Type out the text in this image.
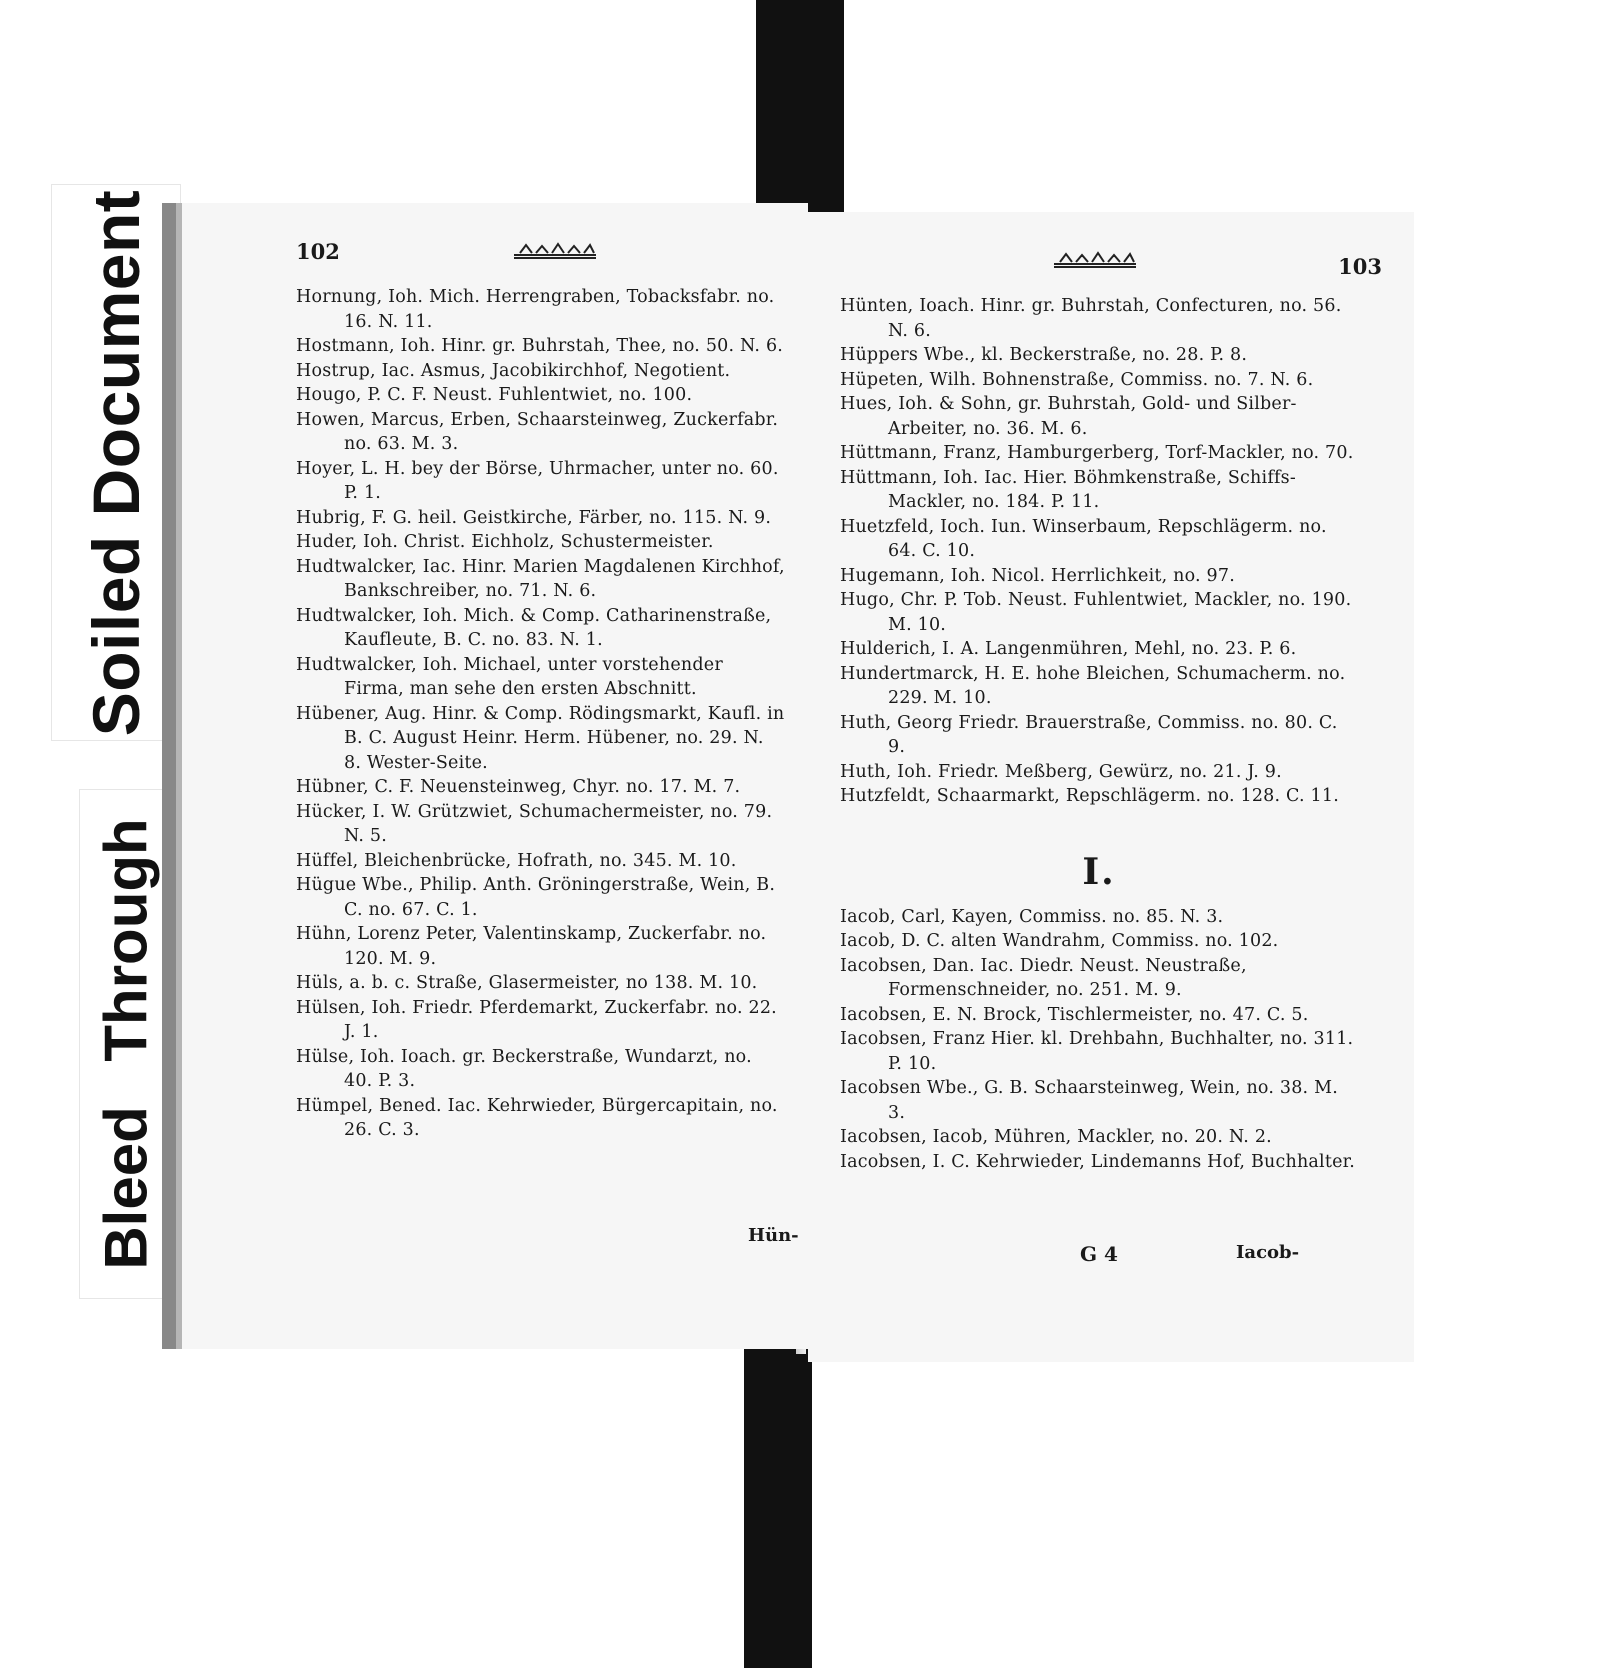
Soiled Document
Bleed Through
102
Hornung, Ioh. Mich. Herrengraben, Tobacksfabr. no. 16. N. 11.
Hostmann, Ioh. Hinr. gr. Buhrstah, Thee, no. 50. N. 6.
Hostrup, Iac. Asmus, Jacobikirchhof, Negotient.
Hougo, P. C. F. Neust. Fuhlentwiet, no. 100.
Howen, Marcus, Erben, Schaarsteinweg, Zuckerfabr. no. 63. M. 3.
Hoyer, L. H. bey der Börse, Uhrmacher, unter no. 60. P. 1.
Hubrig, F. G. heil. Geistkirche, Färber, no. 115. N. 9.
Huder, Ioh. Christ. Eichholz, Schustermeister.
Hudtwalcker, Iac. Hinr. Marien Magdalenen Kirchhof, Bankschreiber, no. 71. N. 6.
Hudtwalcker, Ioh. Mich. & Comp. Catharinenstraße, Kaufleute, B. C. no. 83. N. 1.
Hudtwalcker, Ioh. Michael, unter vorstehender Firma, man sehe den ersten Abschnitt.
Hübener, Aug. Hinr. & Comp. Rödingsmarkt, Kaufl. in B. C. August Heinr. Herm. Hübener, no. 29. N. 8. Wester-Seite.
Hübner, C. F. Neuensteinweg, Chyr. no. 17. M. 7.
Hücker, I. W. Grützwiet, Schumachermeister, no. 79. N. 5.
Hüffel, Bleichenbrücke, Hofrath, no. 345. M. 10.
Hügue Wbe., Philip. Anth. Gröningerstraße, Wein, B. C. no. 67. C. 1.
Hühn, Lorenz Peter, Valentinskamp, Zuckerfabr. no. 120. M. 9.
Hüls, a. b. c. Straße, Glasermeister, no 138. M. 10.
Hülsen, Ioh. Friedr. Pferdemarkt, Zuckerfabr. no. 22. J. 1.
Hülse, Ioh. Ioach. gr. Beckerstraße, Wundarzt, no. 40. P. 3.
Hümpel, Bened. Iac. Kehrwieder, Bürgercapitain, no. 26. C. 3.
Hün-
103
Hünten, Ioach. Hinr. gr. Buhrstah, Confecturen, no. 56. N. 6.
Hüppers Wbe., kl. Beckerstraße, no. 28. P. 8.
Hüpeten, Wilh. Bohnenstraße, Commiss. no. 7. N. 6.
Hues, Ioh. & Sohn, gr. Buhrstah, Gold- und Silber-Arbeiter, no. 36. M. 6.
Hüttmann, Franz, Hamburgerberg, Torf-Mackler, no. 70.
Hüttmann, Ioh. Iac. Hier. Böhmkenstraße, Schiffs-Mackler, no. 184. P. 11.
Huetzfeld, Ioch. Iun. Winserbaum, Repschlägerm. no. 64. C. 10.
Hugemann, Ioh. Nicol. Herrlichkeit, no. 97.
Hugo, Chr. P. Tob. Neust. Fuhlentwiet, Mackler, no. 190. M. 10.
Hulderich, I. A. Langenmühren, Mehl, no. 23. P. 6.
Hundertmarck, H. E. hohe Bleichen, Schumacherm. no. 229. M. 10.
Huth, Georg Friedr. Brauerstraße, Commiss. no. 80. C. 9.
Huth, Ioh. Friedr. Meßberg, Gewürz, no. 21. J. 9.
Hutzfeldt, Schaarmarkt, Repschlägerm. no. 128. C. 11.
I.
Iacob, Carl, Kayen, Commiss. no. 85. N. 3.
Iacob, D. C. alten Wandrahm, Commiss. no. 102.
Iacobsen, Dan. Iac. Diedr. Neust. Neustraße, Formenschneider, no. 251. M. 9.
Iacobsen, E. N. Brock, Tischlermeister, no. 47. C. 5.
Iacobsen, Franz Hier. kl. Drehbahn, Buchhalter, no. 311. P. 10.
Iacobsen Wbe., G. B. Schaarsteinweg, Wein, no. 38. M. 3.
Iacobsen, Iacob, Mühren, Mackler, no. 20. N. 2.
Iacobsen, I. C. Kehrwieder, Lindemanns Hof, Buchhalter.
G 4	Iacob-
